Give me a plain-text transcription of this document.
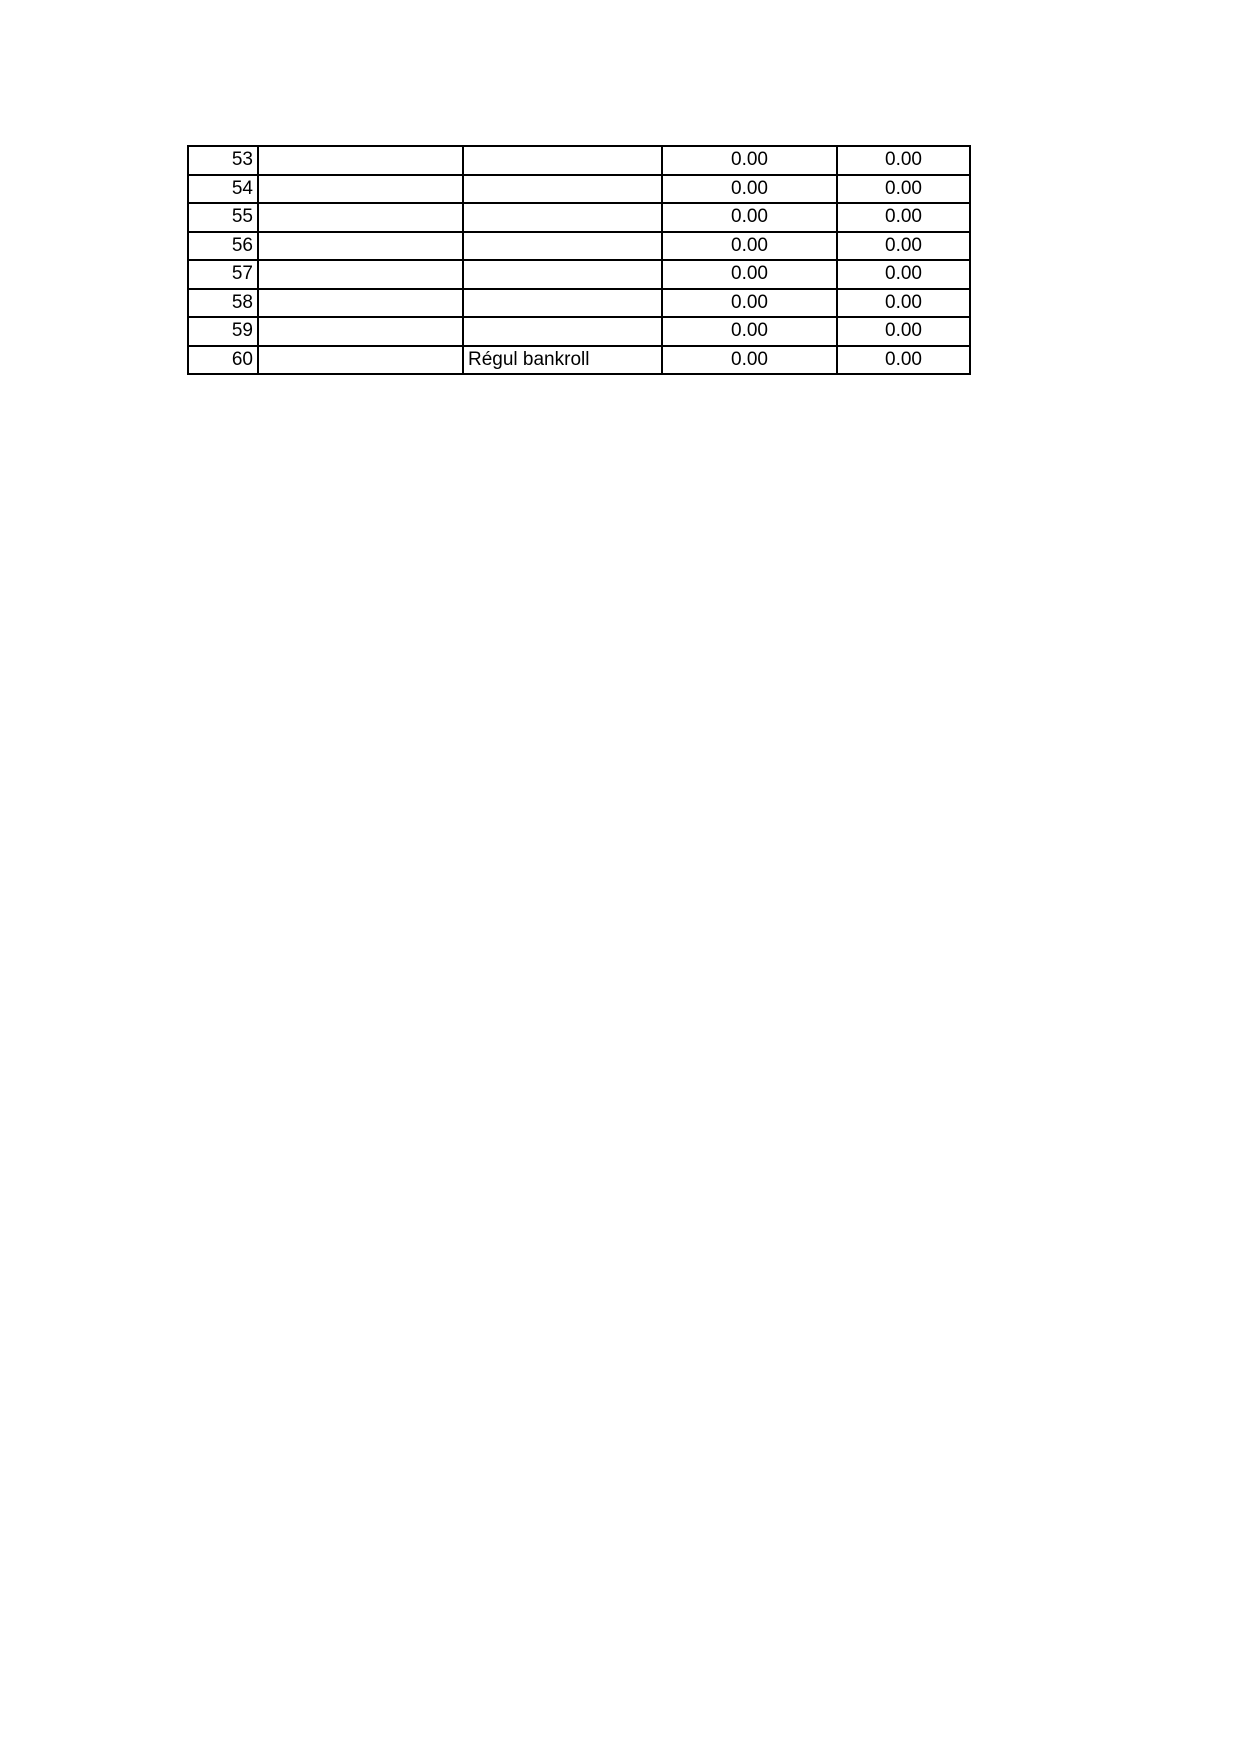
53			0.00	0.00
54			0.00	0.00
55			0.00	0.00
56			0.00	0.00
57			0.00	0.00
58			0.00	0.00
59			0.00	0.00
60		Régul bankroll	0.00	0.00
